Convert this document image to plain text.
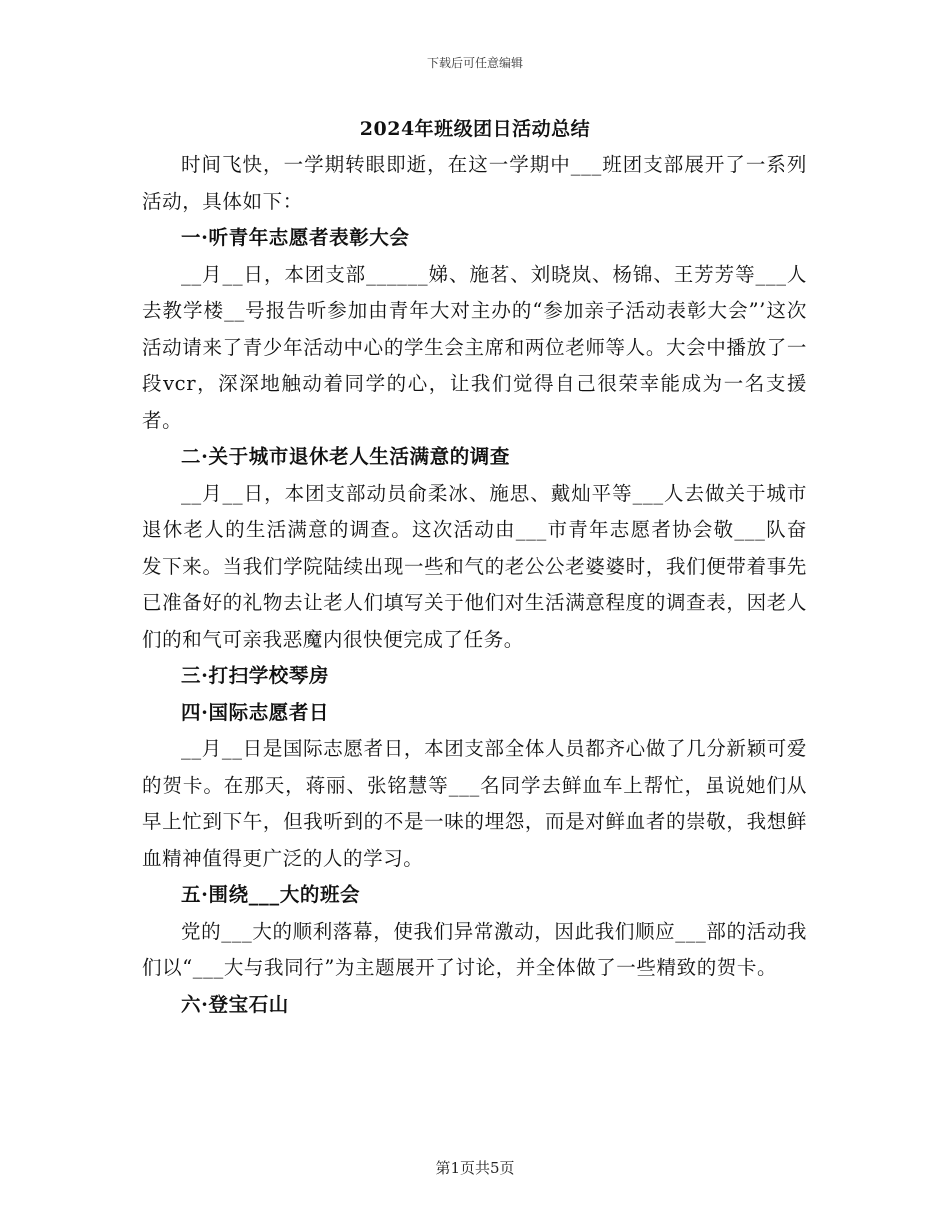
下载后可任意编辑
2024年班级团日活动总结

时间飞快，一学期转眼即逝，在这一学期中___班团支部展开了一系列活动，具体如下：

一·听青年志愿者表彰大会

__月__日，本团支部______娣、施茗、刘晓岚、杨锦、王芳芳等___人去教学楼__号报告听参加由青年大对主办的“参加亲子活动表彰大会”’这次活动请来了青少年活动中心的学生会主席和两位老师等人。大会中播放了一段vcr，深深地触动着同学的心，让我们觉得自己很荣幸能成为一名支援者。

二·关于城市退休老人生活满意的调查

__月__日，本团支部动员俞柔冰、施思、戴灿平等___人去做关于城市退休老人的生活满意的调查。这次活动由___市青年志愿者协会敬___队奋发下来。当我们学院陆续出现一些和气的老公公老婆婆时，我们便带着事先已准备好的礼物去让老人们填写关于他们对生活满意程度的调查表，因老人们的和气可亲我恶魔内很快便完成了任务。

三·打扫学校琴房

四·国际志愿者日

__月__日是国际志愿者日，本团支部全体人员都齐心做了几分新颖可爱的贺卡。在那天，蒋丽、张铭慧等___名同学去鲜血车上帮忙，虽说她们从早上忙到下午，但我听到的不是一味的埋怨，而是对鲜血者的崇敬，我想鲜血精神值得更广泛的人的学习。

五·围绕___大的班会

党的___大的顺利落幕，使我们异常激动，因此我们顺应___部的活动我们以“___大与我同行”为主题展开了讨论，并全体做了一些精致的贺卡。

六·登宝石山

第1页共5页
